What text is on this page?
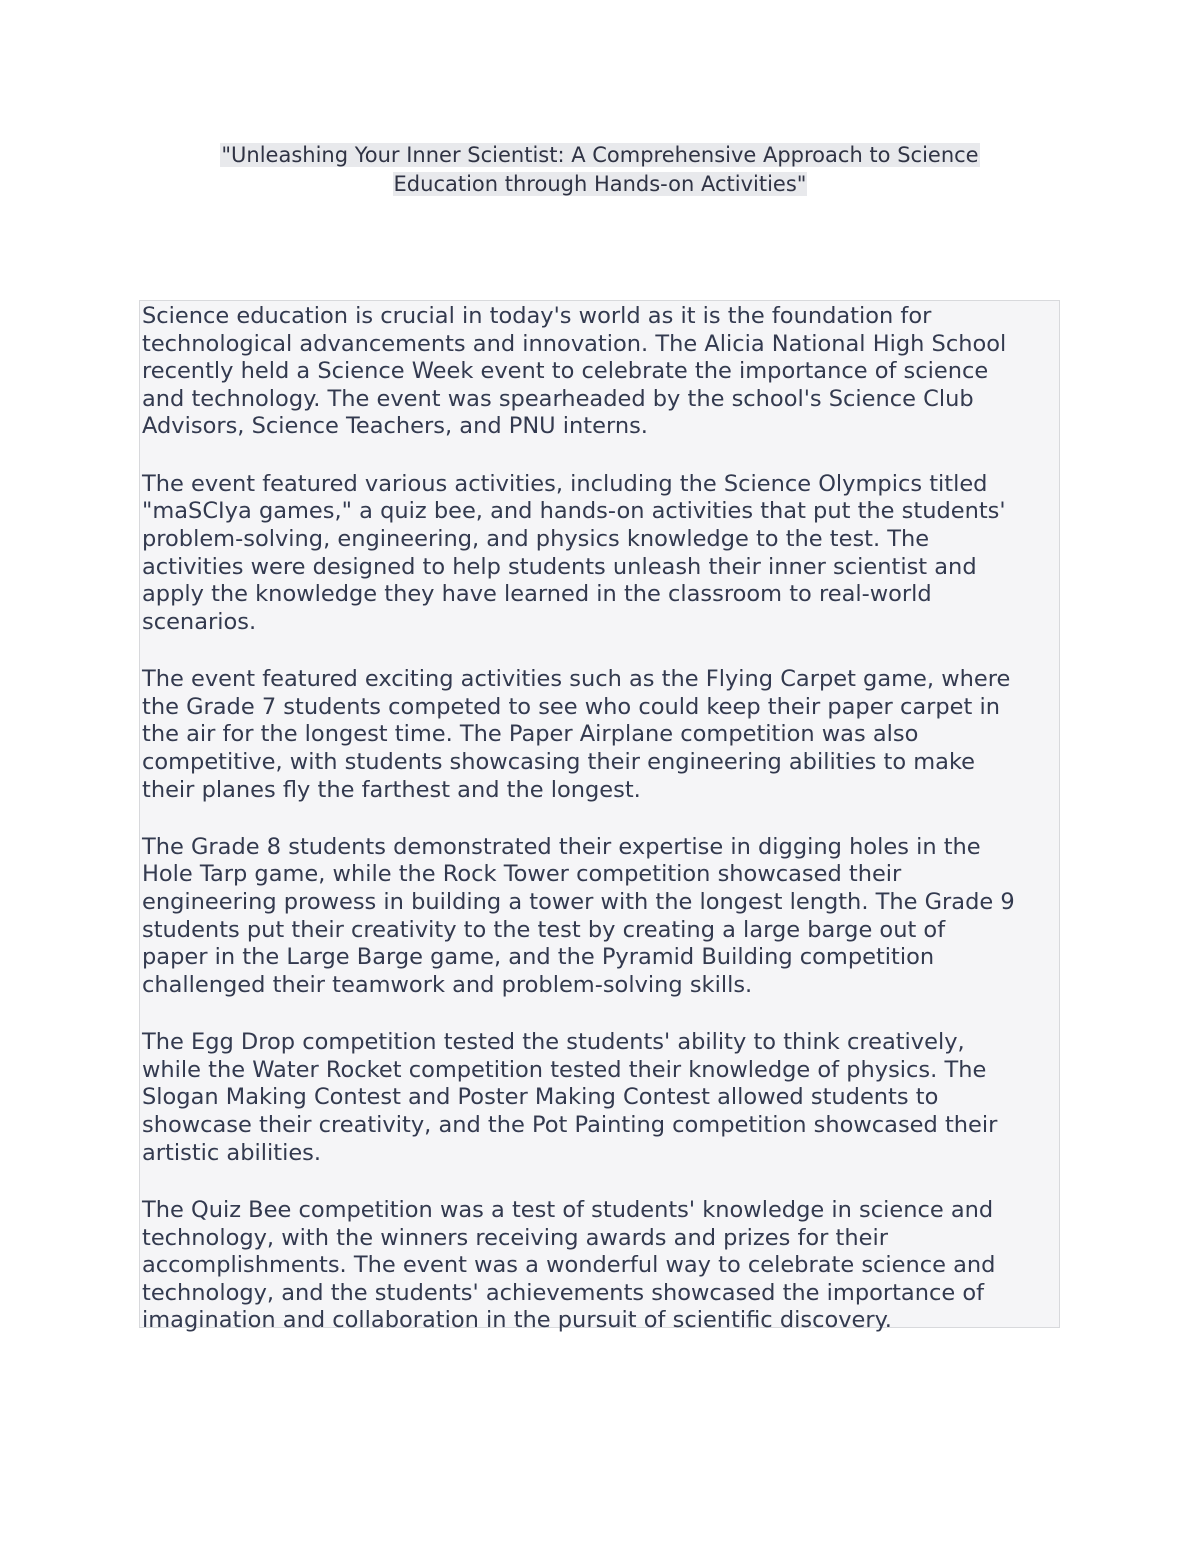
"Unleashing Your Inner Scientist: A Comprehensive Approach to Science
Education through Hands-on Activities"

Science education is crucial in today's world as it is the foundation for
technological advancements and innovation. The Alicia National High School
recently held a Science Week event to celebrate the importance of science
and technology. The event was spearheaded by the school's Science Club
Advisors, Science Teachers, and PNU interns.

The event featured various activities, including the Science Olympics titled
"maSCIya games," a quiz bee, and hands-on activities that put the students'
problem-solving, engineering, and physics knowledge to the test. The
activities were designed to help students unleash their inner scientist and
apply the knowledge they have learned in the classroom to real-world
scenarios.

The event featured exciting activities such as the Flying Carpet game, where
the Grade 7 students competed to see who could keep their paper carpet in
the air for the longest time. The Paper Airplane competition was also
competitive, with students showcasing their engineering abilities to make
their planes fly the farthest and the longest.

The Grade 8 students demonstrated their expertise in digging holes in the
Hole Tarp game, while the Rock Tower competition showcased their
engineering prowess in building a tower with the longest length. The Grade 9
students put their creativity to the test by creating a large barge out of
paper in the Large Barge game, and the Pyramid Building competition
challenged their teamwork and problem-solving skills.

The Egg Drop competition tested the students' ability to think creatively,
while the Water Rocket competition tested their knowledge of physics. The
Slogan Making Contest and Poster Making Contest allowed students to
showcase their creativity, and the Pot Painting competition showcased their
artistic abilities.

The Quiz Bee competition was a test of students' knowledge in science and
technology, with the winners receiving awards and prizes for their
accomplishments. The event was a wonderful way to celebrate science and
technology, and the students' achievements showcased the importance of
imagination and collaboration in the pursuit of scientific discovery.
